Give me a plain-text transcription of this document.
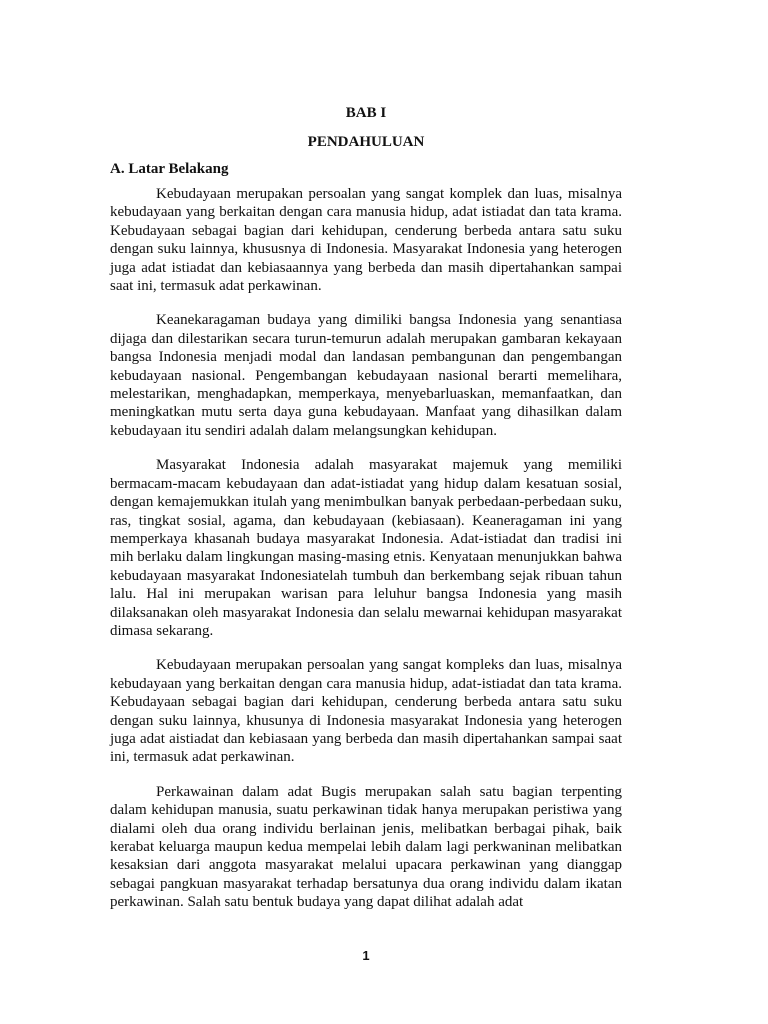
BAB I
PENDAHULUAN
A. Latar Belakang

Kebudayaan merupakan persoalan yang sangat komplek dan luas, misalnya kebudayaan yang berkaitan dengan cara manusia hidup, adat istiadat dan tata krama. Kebudayaan sebagai bagian dari kehidupan, cenderung berbeda antara satu suku dengan suku lainnya, khususnya di Indonesia. Masyarakat Indonesia yang heterogen juga adat istiadat dan kebiasaannya yang berbeda dan masih dipertahankan sampai saat ini, termasuk adat perkawinan.

Keanekaragaman budaya yang dimiliki bangsa Indonesia yang senantiasa dijaga dan dilestarikan secara turun-temurun adalah merupakan gambaran kekayaan bangsa Indonesia menjadi modal dan landasan pembangunan dan pengembangan kebudayaan nasional. Pengembangan kebudayaan nasional berarti memelihara, melestarikan, menghadapkan, memperkaya, menyebarluaskan, memanfaatkan, dan meningkatkan mutu serta daya guna kebudayaan. Manfaat yang dihasilkan dalam kebudayaan itu sendiri adalah dalam melangsungkan kehidupan.

Masyarakat Indonesia adalah masyarakat majemuk yang memiliki bermacam-macam kebudayaan dan adat-istiadat yang hidup dalam kesatuan sosial, dengan kemajemukkan itulah yang menimbulkan banyak perbedaan-perbedaan suku, ras, tingkat sosial, agama, dan kebudayaan (kebiasaan). Keaneragaman ini yang memperkaya khasanah budaya masyarakat Indonesia. Adat-istiadat dan tradisi ini mih berlaku dalam lingkungan masing-masing etnis. Kenyataan menunjukkan bahwa kebudayaan masyarakat Indonesiatelah tumbuh dan berkembang sejak ribuan tahun lalu. Hal ini merupakan warisan para leluhur bangsa Indonesia yang masih dilaksanakan oleh masyarakat Indonesia dan selalu mewarnai kehidupan masyarakat dimasa sekarang.

Kebudayaan merupakan persoalan yang sangat kompleks dan luas, misalnya kebudayaan yang berkaitan dengan cara manusia hidup, adat-istiadat dan tata krama. Kebudayaan sebagai bagian dari kehidupan, cenderung berbeda antara satu suku dengan suku lainnya, khusunya di Indonesia masyarakat Indonesia yang heterogen juga adat aistiadat dan kebiasaan yang berbeda dan masih dipertahankan sampai saat ini, termasuk adat perkawinan.

Perkawainan dalam adat Bugis merupakan salah satu bagian terpenting dalam kehidupan manusia, suatu perkawinan tidak hanya merupakan peristiwa yang dialami oleh dua orang individu berlainan jenis, melibatkan berbagai pihak, baik kerabat keluarga maupun kedua mempelai lebih dalam lagi perkwaninan melibatkan kesaksian dari anggota masyarakat melalui upacara perkawinan yang dianggap sebagai pangkuan masyarakat terhadap bersatunya dua orang individu dalam ikatan perkawinan. Salah satu bentuk budaya yang dapat dilihat adalah adat

1
